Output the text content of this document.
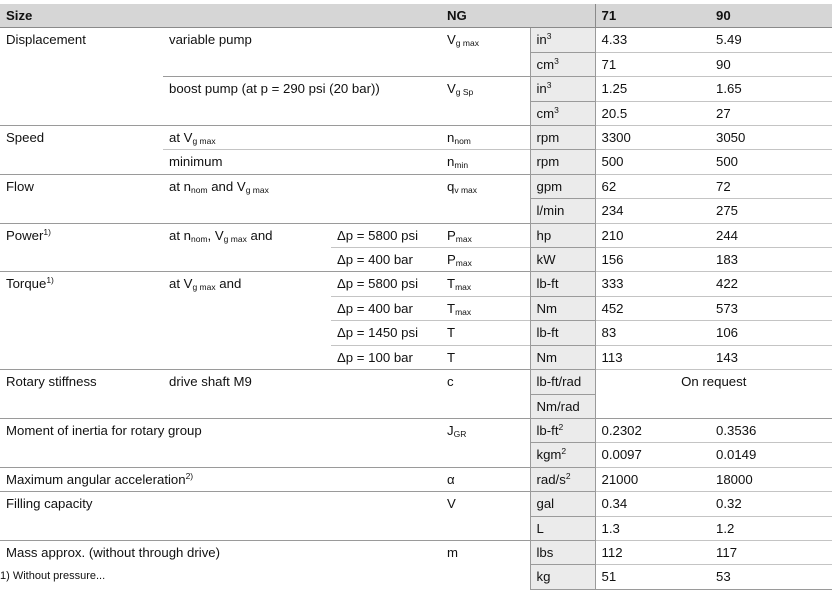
Size			NG		71	90
Displacement	variable pump		$V_{g max}$	$in^3$	4.33	5.49
				$cm^3$	71	90
	boost pump (at p = 290 psi (20 bar))		$V_{g Sp}$	$in^3$	1.25	1.65
				$cm^3$	20.5	27
Speed	at $V_{g max}$		$n_{nom}$	rpm	3300	3050
	minimum		$n_{min}$	rpm	500	500
Flow	at $n_{nom}$ and $V_{g max}$		$q_{v max}$	gpm	62	72
				l/min	234	275
Power$^{1)}$	at $n_{nom}$, $V_{g max}$ and	Δp = 5800 psi	$P_{max}$	hp	210	244
		Δp = 400 bar	$P_{max}$	kW	156	183
Torque$^{1)}$	at $V_{g max}$ and	Δp = 5800 psi	$T_{max}$	lb-ft	333	422
		Δp = 400 bar	$T_{max}$	Nm	452	573
		Δp = 1450 psi	T	lb-ft	83	106
		Δp = 100 bar	T	Nm	113	143
Rotary stiffness	drive shaft M9		c	lb-ft/rad	On request	
				Nm/rad		
Moment of inertia for rotary group			$J_{GR}$	$lb-ft^2$	0.2302	0.3536
				kgm$^2$	0.0097	0.0149
Maximum angular acceleration$^{2)}$			α	rad/$s^2$	21000	18000
Filling capacity			V	gal	0.34	0.32
				L	1.3	1.2
Mass approx. (without through drive)			m	lbs	112	117
				kg	51	53
1) Without pressure...
